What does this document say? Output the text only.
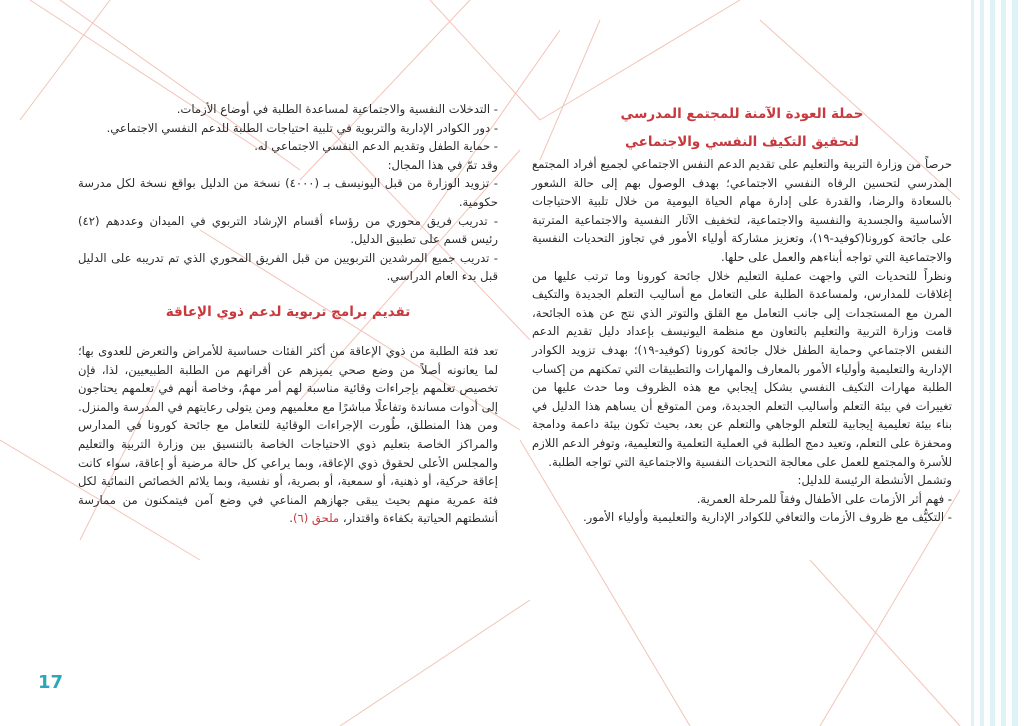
حملة العودة الآمنة للمجتمع المدرسي

لتحقيق التكيف النفسي والاجتماعي

حرصاً من وزارة التربية والتعليم على تقديم الدعم النفس الاجتماعي لجميع أفراد المجتمع المدرسي لتحسين الرفاه النفسي الاجتماعي؛ بهدف الوصول بهم إلى حالة الشعور بالسعادة والرضا، والقدرة على إدارة مهام الحياة اليومية من خلال تلبية الاحتياجات الأساسية والجسدية والنفسية والاجتماعية، لتخفيف الآثار النفسية والاجتماعية المترتبة على جائحة كورونا(كوفيد-١٩)، وتعزيز مشاركة أولياء الأمور في تجاوز التحديات النفسية والاجتماعية التي تواجه أبناءهم والعمل على حلها.

ونظراً للتحديات التي واجهت عملية التعليم خلال جائحة كورونا وما ترتب عليها من إغلاقات للمدارس، ولمساعدة الطلبة على التعامل مع أساليب التعلم الجديدة والتكيف المرن مع المستجدات إلى جانب التعامل مع القلق والتوتر الذي نتج عن هذه الجائحة، قامت وزارة التربية والتعليم بالتعاون مع منظمة اليونيسف بإعداد دليل تقديم الدعم النفس الاجتماعي وحماية الطفل خلال جائحة كورونا (كوفيد-١٩)؛ بهدف تزويد الكوادر الإدارية والتعليمية وأولياء الأمور بالمعارف والمهارات والتطبيقات التي تمكنهم من إكساب الطلبة مهارات التكيف النفسي بشكل إيجابي مع هذه الظروف وما حدث عليها من تغييرات في بيئة التعلم وأساليب التعلم الجديدة، ومن المتوقع أن يساهم هذا الدليل في بناء بيئة تعليمية إيجابية للتعلم الوجاهي والتعلم عن بعد، بحيث تكون بيئة داعمة ودامجة ومحفزة على التعلم، وتعيد دمج الطلبة في العملية التعلمية والتعليمية، وتوفر الدعم اللازم للأسرة والمجتمع للعمل على معالجة التحديات النفسية والاجتماعية التي تواجه الطلبة.

وتشمل الأنشطة الرئيسة للدليل:

- فهم أثر الأزمات على الأطفال وفقاً للمرحلة العمرية.

- التكيُّف مع ظروف الأزمات والتعافي للكوادر الإدارية والتعليمية وأولياء الأمور.

- التدخلات النفسية والاجتماعية لمساعدة الطلبة في أوضاع الأزمات.

- دور الكوادر الإدارية والتربوية في تلبية احتياجات الطلبة للدعم النفسي الاجتماعي.

- حماية الطفل وتقديم الدعم النفسي الاجتماعي له.

وقد تمّ في هذا المجال:

- تزويد الوزارة من قبل اليونيسف بـ (٤٠٠٠) نسخة من الدليل بواقع نسخة لكل مدرسة حكومية.

- تدريب فريق محوري من رؤساء أقسام الإرشاد التربوي في الميدان وعددهم (٤٢) رئيس قسم على تطبيق الدليل.

- تدريب جميع المرشدين التربويين من قبل الفريق المحوري الذي تم تدريبه على الدليل قبل بدء العام الدراسي.

تقديم برامج تربوية لدعم ذوي الإعاقة

تعد فئة الطلبة من ذوي الإعاقة من أكثر الفئات حساسية للأمراض والتعرض للعدوى بها؛ لما يعانونه أصلاً من وضع صحي يميزهم عن أقرانهم من الطلبة الطبيعيين، لذا، فإن تخصيص تعلمهم بإجراءات وقائية مناسبة لهم أمر مهمٌ، وخاصة أنهم في تعلمهم يحتاجون إلى أدوات مساندة وتفاعلًا مباشرًا مع معلميهم ومن يتولى رعايتهم في المدرسة والمنزل.

ومن هذا المنطلق، طُورت الإجراءات الوقائية للتعامل مع جائحة كورونا في المدارس والمراكز الخاصة بتعليم ذوي الاحتياجات الخاصة بالتنسيق بين وزارة التربية والتعليم والمجلس الأعلى لحقوق ذوي الإعاقة، وبما يراعي كل حالة مرضية أو إعاقة، سواء كانت إعاقة حركية، أو ذهنية، أو سمعية، أو بصرية، أو نفسية، وبما يلائم الخصائص النمائية لكل فئة عمرية منهم بحيث يبقى جهازهم المناعي في وضع آمن فيتمكنون من ممارسة أنشطتهم الحياتية بكفاءة واقتدار، ملحق (٦).

17
